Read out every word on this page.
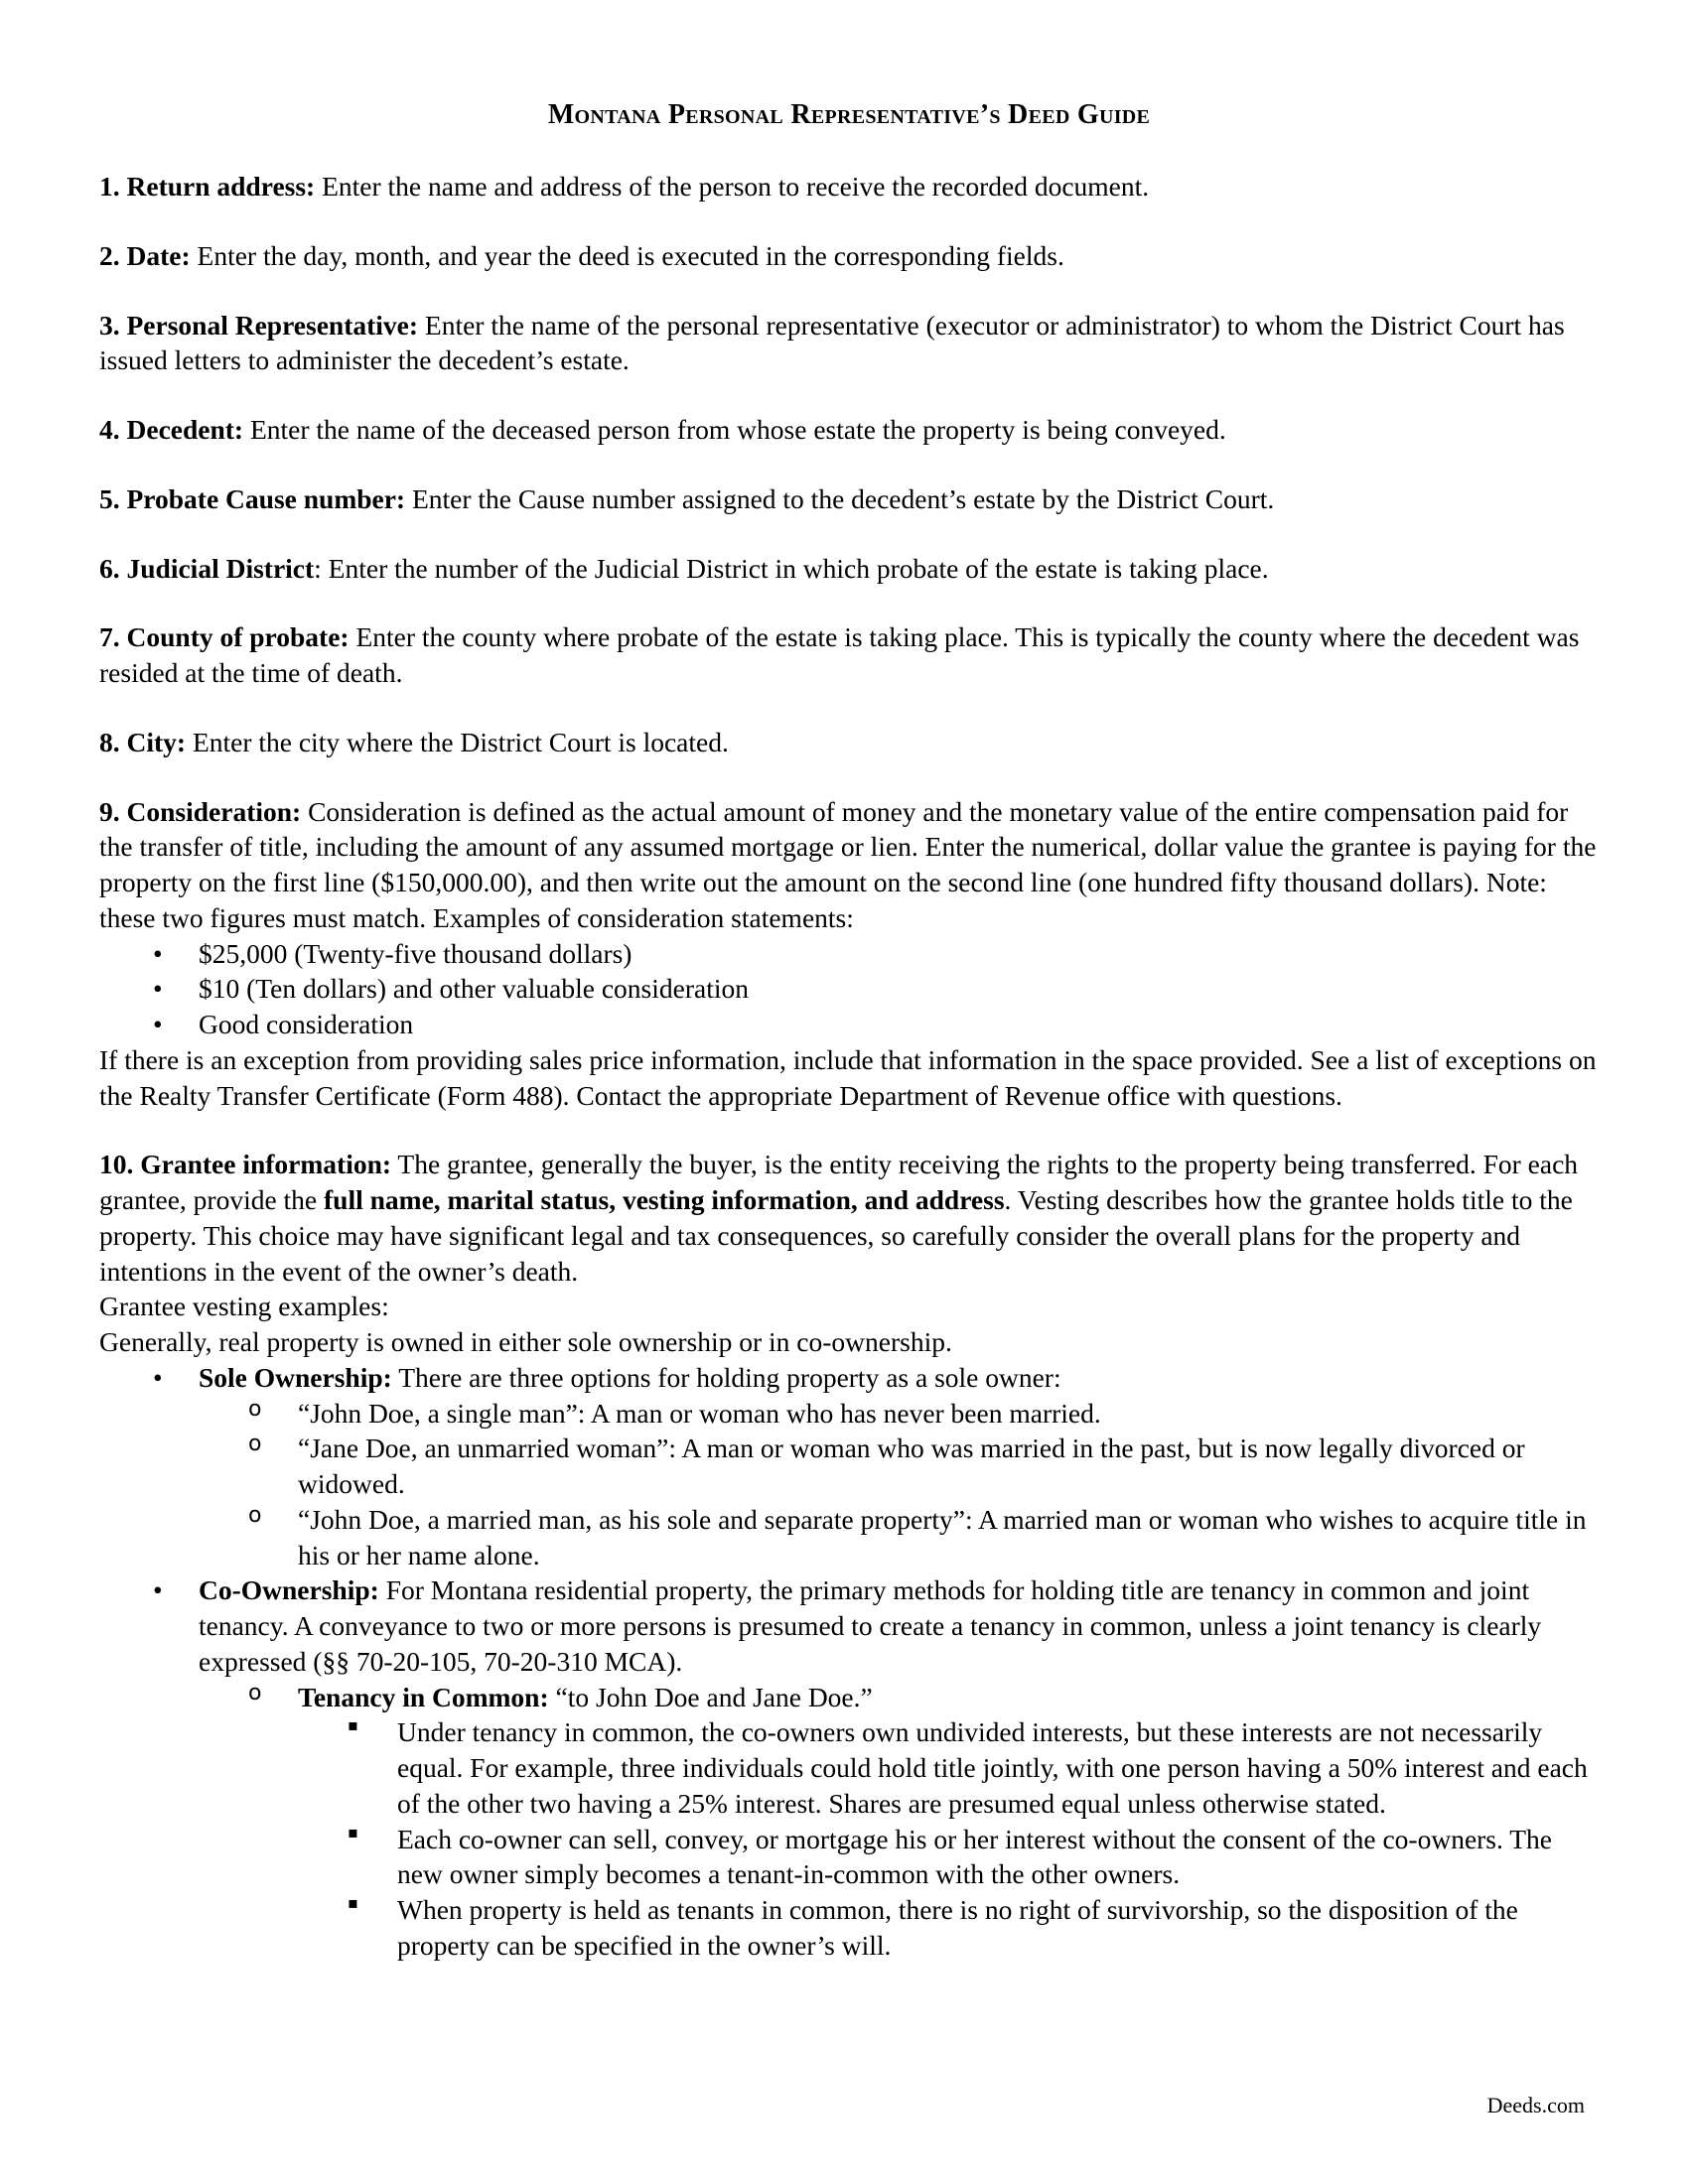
Montana Personal Representative’s Deed Guide

1. Return address: Enter the name and address of the person to receive the recorded document.

2. Date: Enter the day, month, and year the deed is executed in the corresponding fields.

3. Personal Representative: Enter the name of the personal representative (executor or administrator) to whom the District Court has issued letters to administer the decedent’s estate.

4. Decedent: Enter the name of the deceased person from whose estate the property is being conveyed.

5. Probate Cause number: Enter the Cause number assigned to the decedent’s estate by the District Court.

6. Judicial District: Enter the number of the Judicial District in which probate of the estate is taking place.

7. County of probate: Enter the county where probate of the estate is taking place. This is typically the county where the decedent was resided at the time of death.

8. City: Enter the city where the District Court is located.

9. Consideration: Consideration is defined as the actual amount of money and the monetary value of the entire compensation paid for the transfer of title, including the amount of any assumed mortgage or lien. Enter the numerical, dollar value the grantee is paying for the property on the first line ($150,000.00), and then write out the amount on the second line (one hundred fifty thousand dollars). Note: these two figures must match. Examples of consideration statements:

• $25,000 (Twenty-five thousand dollars)
• $10 (Ten dollars) and other valuable consideration
• Good consideration

If there is an exception from providing sales price information, include that information in the space provided. See a list of exceptions on the Realty Transfer Certificate (Form 488). Contact the appropriate Department of Revenue office with questions.

10. Grantee information: The grantee, generally the buyer, is the entity receiving the rights to the property being transferred. For each grantee, provide the full name, marital status, vesting information, and address. Vesting describes how the grantee holds title to the property. This choice may have significant legal and tax consequences, so carefully consider the overall plans for the property and intentions in the event of the owner’s death.

Grantee vesting examples:

Generally, real property is owned in either sole ownership or in co-ownership.

• Sole Ownership: There are three options for holding property as a sole owner:
o “John Doe, a single man”: A man or woman who has never been married.
o “Jane Doe, an unmarried woman”: A man or woman who was married in the past, but is now legally divorced or widowed.
o “John Doe, a married man, as his sole and separate property”: A married man or woman who wishes to acquire title in his or her name alone.
• Co-Ownership: For Montana residential property, the primary methods for holding title are tenancy in common and joint tenancy. A conveyance to two or more persons is presumed to create a tenancy in common, unless a joint tenancy is clearly expressed (§§ 70-20-105, 70-20-310 MCA).
o Tenancy in Common: “to John Doe and Jane Doe.”
▪ Under tenancy in common, the co-owners own undivided interests, but these interests are not necessarily equal. For example, three individuals could hold title jointly, with one person having a 50% interest and each of the other two having a 25% interest. Shares are presumed equal unless otherwise stated.
▪ Each co-owner can sell, convey, or mortgage his or her interest without the consent of the co-owners. The new owner simply becomes a tenant-in-common with the other owners.
▪ When property is held as tenants in common, there is no right of survivorship, so the disposition of the property can be specified in the owner’s will.
Deeds.com
